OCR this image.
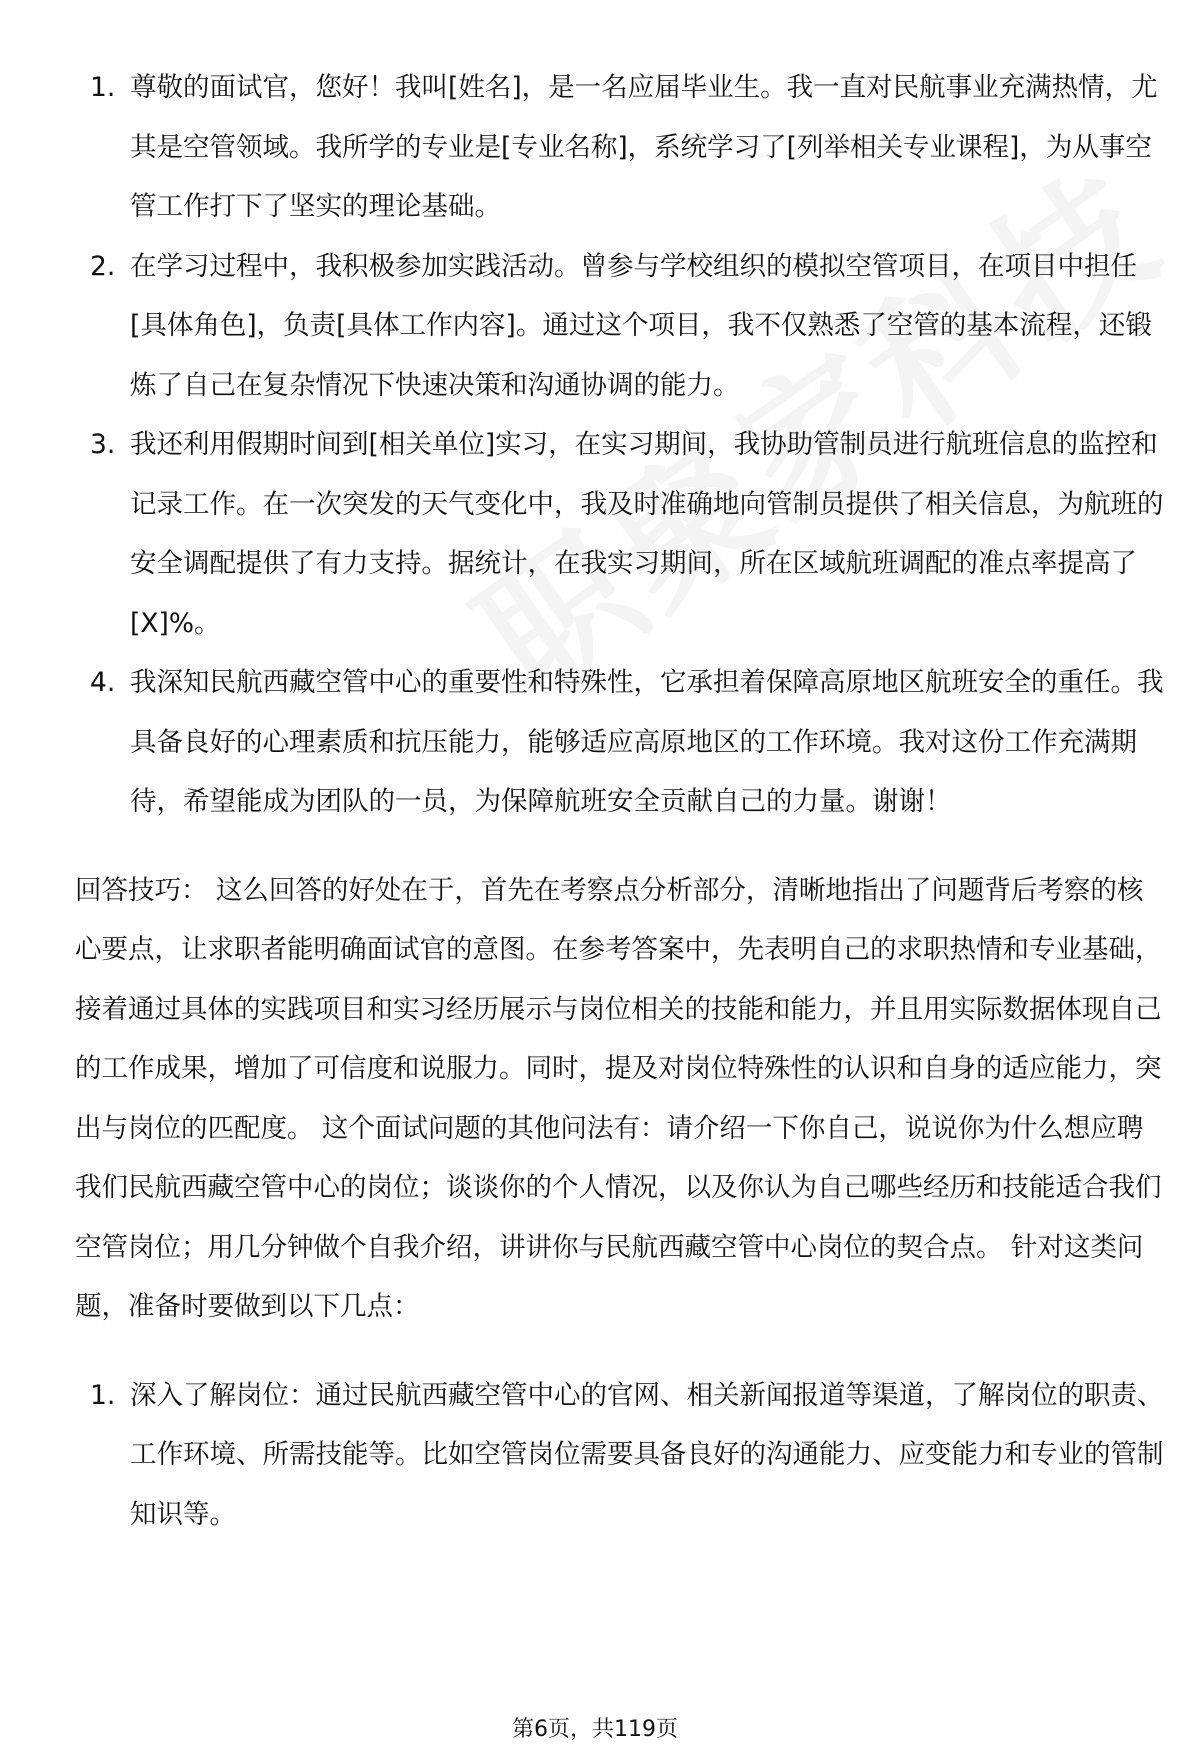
1. 尊敬的面试官，您好！我叫[姓名]，是一名应届毕业生。我一直对民航事业充满热情，尤其是空管领域。我所学的专业是[专业名称]，系统学习了[列举相关专业课程]，为从事空管工作打下了坚实的理论基础。
2. 在学习过程中，我积极参加实践活动。曾参与学校组织的模拟空管项目，在项目中担任[具体角色]，负责[具体工作内容]。通过这个项目，我不仅熟悉了空管的基本流程，还锻炼了自己在复杂情况下快速决策和沟通协调的能力。
3. 我还利用假期时间到[相关单位]实习，在实习期间，我协助管制员进行航班信息的监控和记录工作。在一次突发的天气变化中，我及时准确地向管制员提供了相关信息，为航班的安全调配提供了有力支持。据统计，在我实习期间，所在区域航班调配的准点率提高了[X]%。
4. 我深知民航西藏空管中心的重要性和特殊性，它承担着保障高原地区航班安全的重任。我具备良好的心理素质和抗压能力，能够适应高原地区的工作环境。我对这份工作充满期待，希望能成为团队的一员，为保障航班安全贡献自己的力量。谢谢！

回答技巧： 这么回答的好处在于，首先在考察点分析部分，清晰地指出了问题背后考察的核心要点，让求职者能明确面试官的意图。在参考答案中，先表明自己的求职热情和专业基础，接着通过具体的实践项目和实习经历展示与岗位相关的技能和能力，并且用实际数据体现自己的工作成果，增加了可信度和说服力。同时，提及对岗位特殊性的认识和自身的适应能力，突出与岗位的匹配度。 这个面试问题的其他问法有：请介绍一下你自己，说说你为什么想应聘我们民航西藏空管中心的岗位；谈谈你的个人情况，以及你认为自己哪些经历和技能适合我们空管岗位；用几分钟做个自我介绍，讲讲你与民航西藏空管中心岗位的契合点。 针对这类问题，准备时要做到以下几点：

1. 深入了解岗位：通过民航西藏空管中心的官网、相关新闻报道等渠道，了解岗位的职责、工作环境、所需技能等。比如空管岗位需要具备良好的沟通能力、应变能力和专业的管制知识等。
第6页，共119页
